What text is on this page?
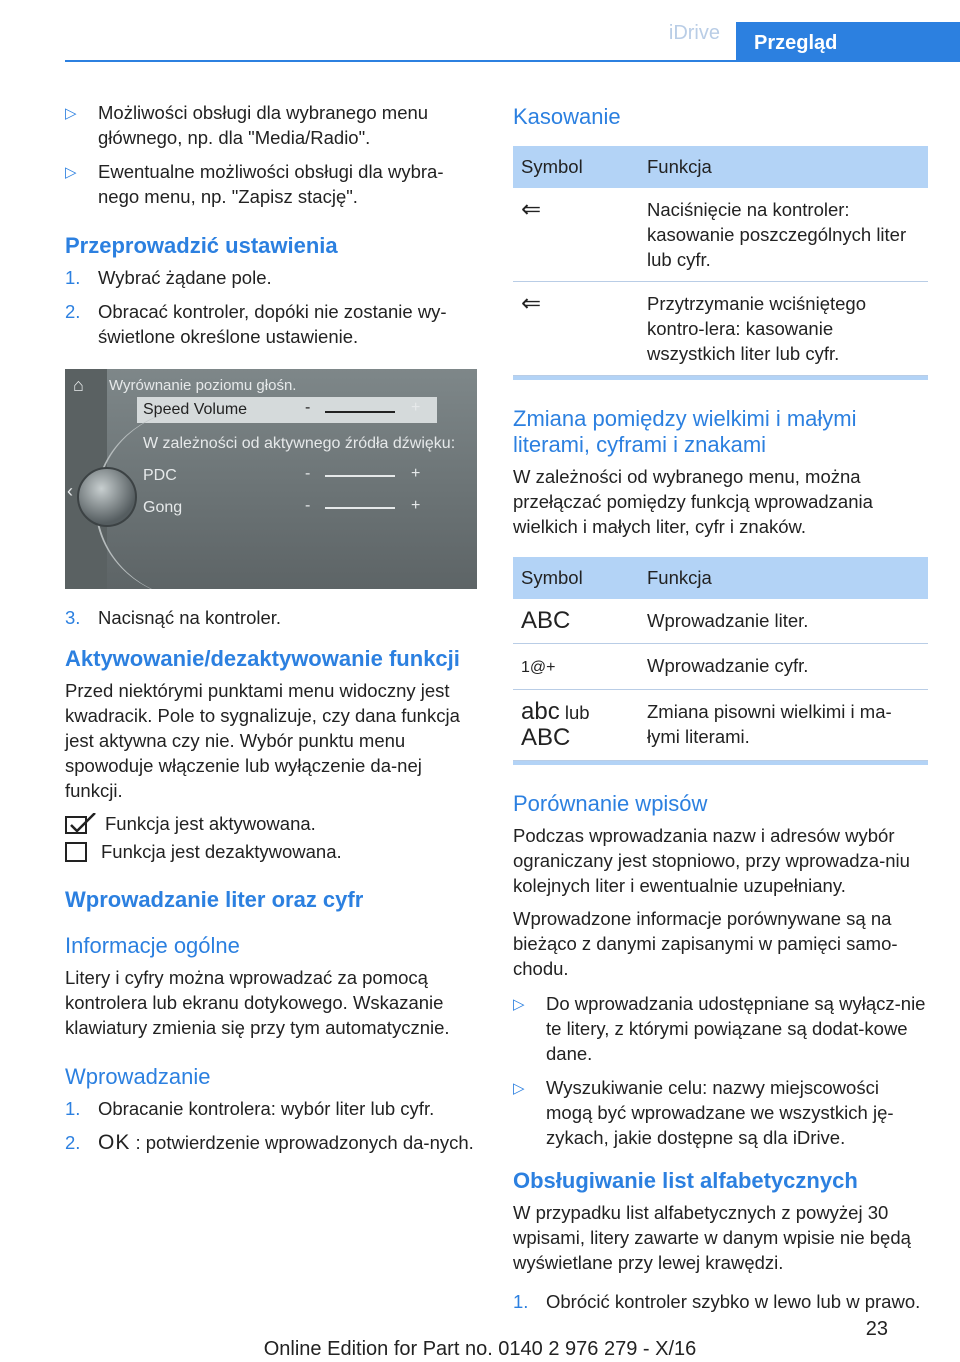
iDrive	Przegląd
▷ Możliwości obsługi dla wybranego menu głównego, np. dla "Media/Radio".
▷ Ewentualne możliwości obsługi dla wybra‐nego menu, np. "Zapisz stację".
Przeprowadzić ustawienia
1. Wybrać żądane pole.
2. Obracać kontroler, dopóki nie zostanie wy‐świetlone określone ustawienie.
⌂ Wyrównanie poziomu głośn.
Speed Volume	-	+
W zależności od aktywnego źródła dźwięku:
PDC	-	+
Gong	-	+
‹
3. Nacisnąć na kontroler.
Aktywowanie/dezaktywowanie funkcji

Przed niektórymi punktami menu widoczny jest kwadracik. Pole to sygnalizuje, czy dana funkcja jest aktywna czy nie. Wybór punktu menu spowoduje włączenie lub wyłączenie da‐nej funkcji.

Funkcja jest aktywowana.
Funkcja jest dezaktywowana.
Wprowadzanie liter oraz cyfr
Informacje ogólne

Litery i cyfry można wprowadzać za pomocą kontrolera lub ekranu dotykowego. Wskazanie klawiatury zmienia się przy tym automatycznie.

Wprowadzanie
1. Obracanie kontrolera: wybór liter lub cyfr.
2. OK : potwierdzenie wprowadzonych da‐nych.
Kasowanie
Symbol	Funkcja
⇐	Naciśnięcie na kontroler: kasowanie poszczególnych liter lub cyfr.
⇐	Przytrzymanie wciśniętego kontro‐lera: kasowanie wszystkich liter lub cyfr.
Zmiana pomiędzy wielkimi i małymi literami, cyframi i znakami

W zależności od wybranego menu, można przełączać pomiędzy funkcją wprowadzania wielkich i małych liter, cyfr i znaków.

Symbol	Funkcja
ABC	Wprowadzanie liter.
1@+	Wprowadzanie cyfr.
abc lub
ABC	Zmiana pisowni wielkimi i ma‐łymi literami.
Porównanie wpisów

Podczas wprowadzania nazw i adresów wybór ograniczany jest stopniowo, przy wprowadza‐niu kolejnych liter i ewentualnie uzupełniany.

Wprowadzone informacje porównywane są na bieżąco z danymi zapisanymi w pamięci samo‐chodu.

▷ Do wprowadzania udostępniane są wyłącz‐nie te litery, z którymi powiązane są dodat‐kowe dane.
▷ Wyszukiwanie celu: nazwy miejscowości mogą być wprowadzane we wszystkich ję‐zykach, jakie dostępne są dla iDrive.
Obsługiwanie list alfabetycznych

W przypadku list alfabetycznych z powyżej 30 wpisami, litery zawarte w danym wpisie nie będą wyświetlane przy lewej krawędzi.

1. Obrócić kontroler szybko w lewo lub w prawo.
23
Online Edition for Part no. 0140 2 976 279 - X/16
